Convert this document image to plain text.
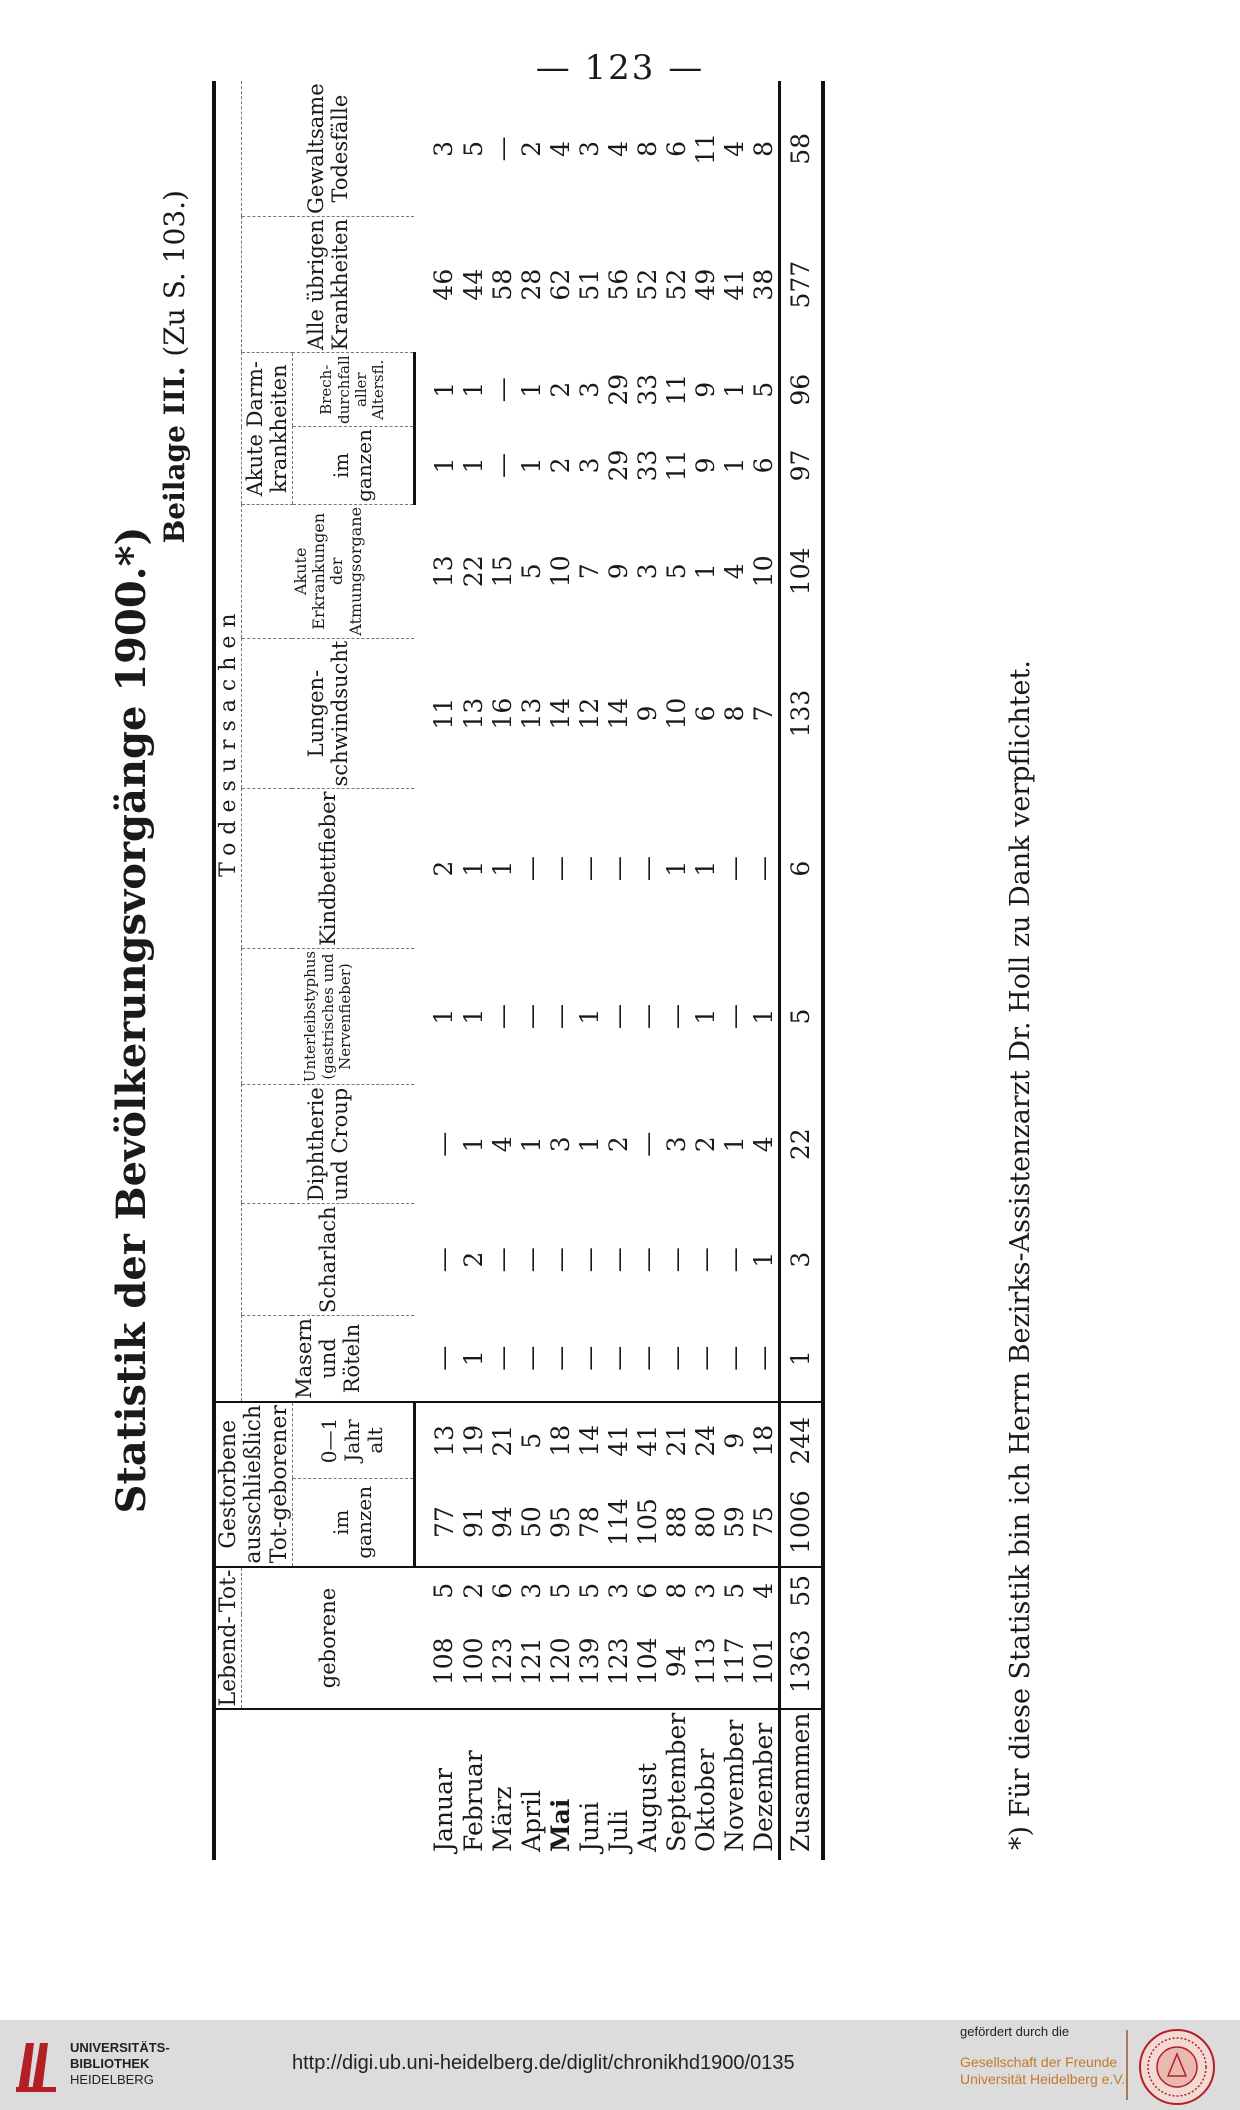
— 123 —
Statistik der Bevölkerungsvorgänge 1900.*)
Beilage III. (Zu S. 103.)
	Lebend-	Tot-	Gestorbene ausschließlich Tot-geborener		Todesursachen										
	geborene				Masern und Röteln	Scharlach	Diphtherie und Croup	Unterleibstyphus (gastrisches und Nervenfieber)	Kindbettfieber	Lungen-schwindsucht	Akute Erkrankungen der Atmungsorgane	Akute Darm-krankheiten		Alle übrigen Krankheiten	Gewaltsame Todesfälle
			im ganzen	0—1 Jahr alt								im ganzen	Brech-durchfall aller Altersfl.		
Januar	108	5	77	13	—	—	—	1	2	11	13	1	1	46	3
Februar	100	2	91	19	1	2	1	1	1	13	22	1	1	44	5
März	123	6	94	21	—	—	4	—	1	16	15	—	—	58	—
April	121	3	50	5	—	—	1	—	—	13	5	1	1	28	2
Mai	120	5	95	18	—	—	3	—	—	14	10	2	2	62	4
Juni	139	5	78	14	—	—	1	1	—	12	7	3	3	51	3
Juli	123	3	114	41	—	—	2	—	—	14	9	29	29	56	4
August	104	6	105	41	—	—	—	—	—	9	3	33	33	52	8
September	94	8	88	21	—	—	3	—	1	10	5	11	11	52	6
Oktober	113	3	80	24	—	—	2	1	1	6	1	9	9	49	11
November	117	5	59	9	—	—	1	—	—	8	4	1	1	41	4
Dezember	101	4	75	18	—	1	4	1	—	7	10	6	5	38	8
Zusammen	1363	55	1006	244	1	3	22	5	6	133	104	97	96	577	58
*) Für diese Statistik bin ich Herrn Bezirks-Assistenzarzt Dr. Holl zu Dank verpflichtet.
UNIVERSITÄTS-
BIBLIOTHEK
HEIDELBERG
http://digi.ub.uni-heidelberg.de/diglit/chronikhd1900/0135
gefördert durch die
Gesellschaft der Freunde
Universität Heidelberg e.V.
